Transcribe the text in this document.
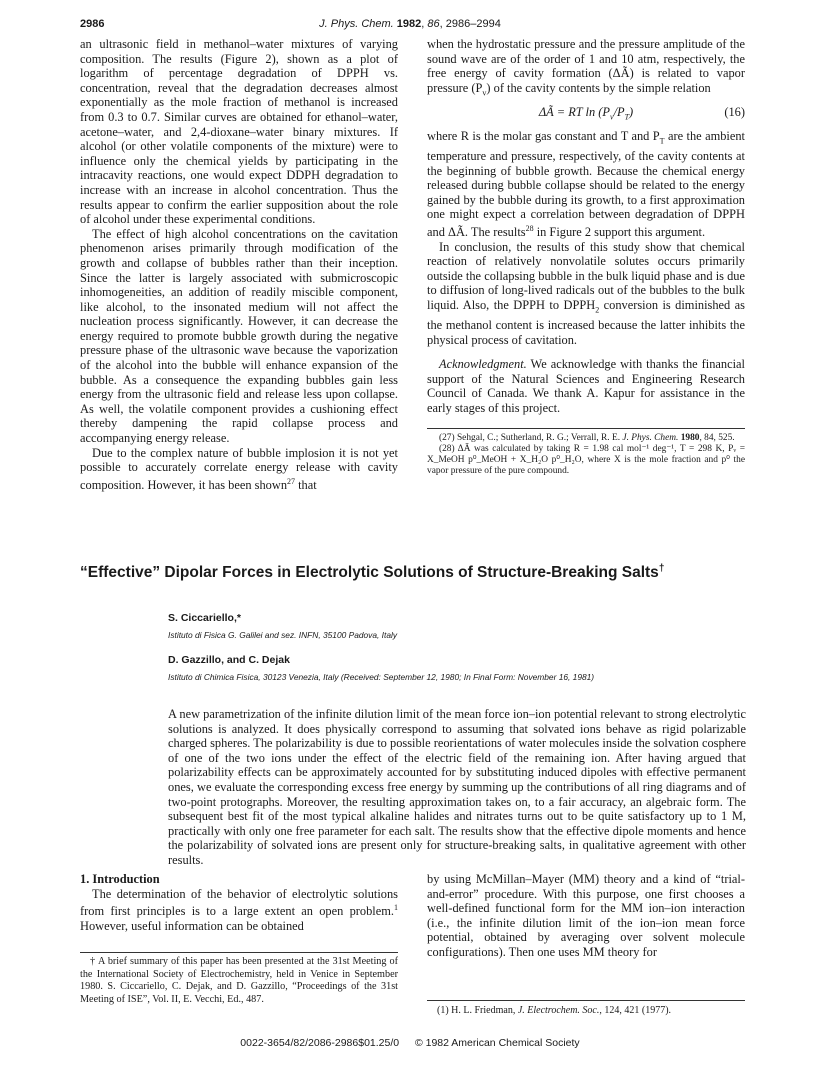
2986	J. Phys. Chem. 1982, 86, 2986–2994

an ultrasonic field in methanol–water mixtures of varying composition. The results (Figure 2), shown as a plot of logarithm of percentage degradation of DPPH vs. concentration, reveal that the degradation decreases almost exponentially as the mole fraction of methanol is increased from 0.3 to 0.7. Similar curves are obtained for ethanol–water, acetone–water, and 2,4-dioxane–water binary mixtures. If alcohol (or other volatile components of the mixture) were to influence only the chemical yields by participating in the intracavity reactions, one would expect DDPH degradation to increase with an increase in alcohol concentration. Thus the results appear to confirm the earlier supposition about the role of alcohol under these experimental conditions.

The effect of high alcohol concentrations on the cavitation phenomenon arises primarily through modification of the growth and collapse of bubbles rather than their inception. Since the latter is largely associated with submicroscopic inhomogeneities, an addition of readily miscible component, like alcohol, to the insonated medium will not affect the nucleation process significantly. However, it can decrease the energy required to promote bubble growth during the negative pressure phase of the ultrasonic wave because the vaporization of the alcohol into the bubble will enhance expansion of the bubble. As a consequence the expanding bubbles gain less energy from the ultrasonic field and release less upon collapse. As well, the volatile component provides a cushioning effect thereby dampening the rapid collapse process and accompanying energy release.

Due to the complex nature of bubble implosion it is not yet possible to accurately correlate energy release with cavity composition. However, it has been shown$^{27}$ that

when the hydrostatic pressure and the pressure amplitude of the sound wave are of the order of 1 and 10 atm, respectively, the free energy of cavity formation (ΔÃ) is related to vapor pressure $(P_v)$ of the cavity contents by the simple relation

ΔÃ = RT $\ln (P_v/P_T)$	(16)

where R is the molar gas constant and T and $P_T$ are the ambient temperature and pressure, respectively, of the cavity contents at the beginning of bubble growth. Because the chemical energy released during bubble collapse should be related to the energy gained by the bubble during its growth, to a first approximation one might expect a correlation between degradation of DPPH and ΔÃ. The results$^{28}$ in Figure 2 support this argument.

In conclusion, the results of this study show that chemical reaction of relatively nonvolatile solutes occurs primarily outside the collapsing bubble in the bulk liquid phase and is due to diffusion of long-lived radicals out of the bubbles to the bulk liquid. Also, the DPPH to $DPPH_2$ conversion is diminished as the methanol content is increased because the latter inhibits the physical process of cavitation.

Acknowledgment. We acknowledge with thanks the financial support of the Natural Sciences and Engineering Research Council of Canada. We thank A. Kapur for assistance in the early stages of this project.

(27) Sehgal, C.; Sutherland, R. G.; Verrall, R. E. J. Phys. Chem. 1980, 84, 525.

(28) ΔÃ was calculated by taking R = 1.98 cal mol⁻¹ deg⁻¹, T = 298 K, Pᵥ = X_MeOH p⁰_MeOH + X_H₂O p⁰_H₂O, where X is the mole fraction and p⁰ the vapor pressure of the pure compound.

“Effective” Dipolar Forces in Electrolytic Solutions of Structure-Breaking Salts†
S. Ciccariello,*
Istituto di Fisica G. Galilei and sez. INFN, 35100 Padova, Italy
D. Gazzillo, and C. Dejak
Istituto di Chimica Fisica, 30123 Venezia, Italy (Received: September 12, 1980; In Final Form: November 16, 1981)
A new parametrization of the infinite dilution limit of the mean force ion–ion potential relevant to strong electrolytic solutions is analyzed. It does physically correspond to assuming that solvated ions behave as rigid polarizable charged spheres. The polarizability is due to possible reorientations of water molecules inside the solvation cosphere of one of the two ions under the effect of the electric field of the remaining ion. After having argued that polarizability effects can be approximately accounted for by substituting induced dipoles with effective permanent ones, we evaluate the corresponding excess free energy by summing up the contributions of all ring diagrams and of two-point protographs. Moreover, the resulting approximation takes on, to a fair accuracy, an algebraic form. The subsequent best fit of the most typical alkaline halides and nitrates turns out to be quite satisfactory up to 1 M, practically with only one free parameter for each salt. The results show that the effective dipole moments and hence the polarizability of solvated ions are present only for structure-breaking salts, in qualitative agreement with other results.

1. Introduction

The determination of the behavior of electrolytic solutions from first principles is to a large extent an open problem.$^1$ However, useful information can be obtained

† A brief summary of this paper has been presented at the 31st Meeting of the International Society of Electrochemistry, held in Venice in September 1980. S. Ciccariello, C. Dejak, and D. Gazzillo, “Proceedings of the 31st Meeting of ISE”, Vol. II, E. Vecchi, Ed., 487.

by using McMillan–Mayer (MM) theory and a kind of “trial-and-error” procedure. With this purpose, one first chooses a well-defined functional form for the MM ion–ion interaction (i.e., the infinite dilution limit of the ion–ion mean force potential, obtained by averaging over solvent molecule configurations). Then one uses MM theory for

(1) H. L. Friedman, J. Electrochem. Soc., 124, 421 (1977).
0022-3654/82/2086-2986$01.25/0 © 1982 American Chemical Society
